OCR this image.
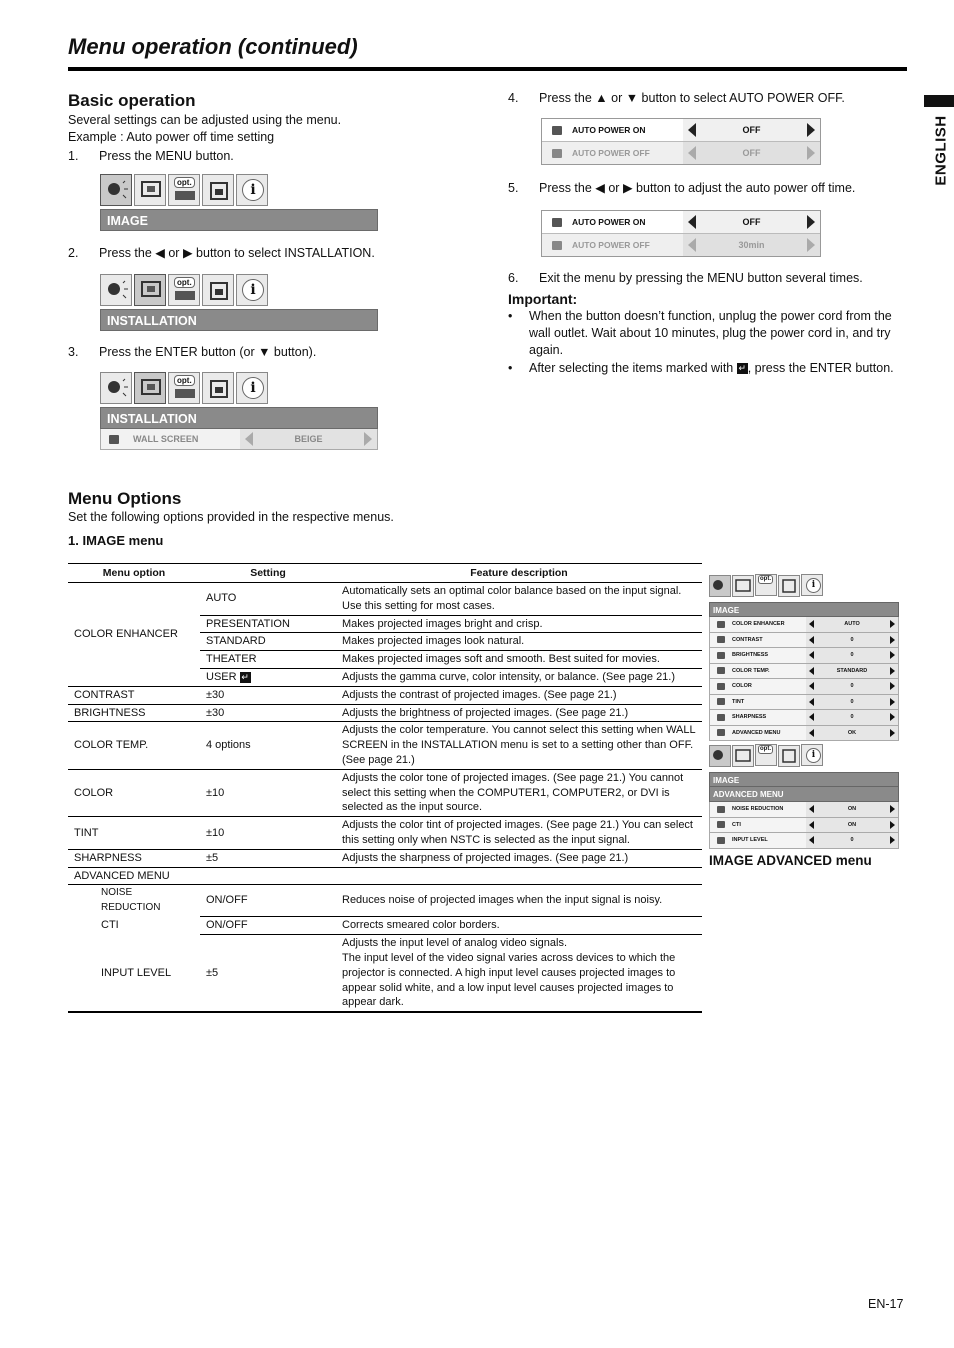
Menu operation (continued)
ENGLISH
Basic operation
Several settings can be adjusted using the menu.
Example : Auto power off time setting
1. Press the MENU button.
opt.	i
IMAGE
2. Press the ◀ or ▶ button to select INSTALLATION.
opt.	i
INSTALLATION
3. Press the ENTER button (or ▼ button).
opt.	i
INSTALLATION
WALL SCREEN	BEIGE
4. Press the ▲ or ▼ button to select AUTO POWER OFF.
AUTO POWER ON	OFF
AUTO POWER OFF	OFF
5. Press the ◀ or ▶ button to adjust the auto power off time.
AUTO POWER ON	OFF
AUTO POWER OFF	30min
6. Exit the menu by pressing the MENU button several times.
Important:
•	When the button doesn’t function, unplug the power cord from the wall outlet. Wait about 10 minutes, plug the power cord in, and try again.
•	After selecting the items marked with ↵ , press the ENTER button.
Menu Options
Set the following options provided in the respective menus.
1. IMAGE menu
Menu option	Setting	Feature description
COLOR ENHANCER	AUTO	Automatically sets an optimal color balance based on the input signal. Use this setting for most cases.
	PRESENTATION	Makes projected images bright and crisp.
	STANDARD	Makes projected images look natural.
	THEATER	Makes projected images soft and smooth. Best suited for movies.
	USER ↵	Adjusts the gamma curve, color intensity, or balance. (See page 21.)
CONTRAST	±30	Adjusts the contrast of projected images. (See page 21.)
BRIGHTNESS	±30	Adjusts the brightness of projected images. (See page 21.)
COLOR TEMP.	4 options	Adjusts the color temperature. You cannot select this setting when WALL SCREEN in the INSTALLATION menu is set to a setting other than OFF. (See page 21.)
COLOR	±10	Adjusts the color tone of projected images. (See page 21.) You cannot select this setting when the COMPUTER1, COMPUTER2, or DVI is selected as the input source.
TINT	±10	Adjusts the color tint of projected images. (See page 21.) You can select this setting only when NSTC is selected as the input signal.
SHARPNESS	±5	Adjusts the sharpness of projected images. (See page 21.)
ADVANCED MENU		
NOISE REDUCTION	ON/OFF	Reduces noise of projected images when the input signal is noisy.
CTI	ON/OFF	Corrects smeared color borders.
INPUT LEVEL	±5	Adjusts the input level of analog video signals.
The input level of the video signal varies across devices to which the projector is connected. A high input level causes projected images to appear solid white, and a low input level causes projected images to appear dark.
opt.
i
IMAGE
COLOR ENHANCER	AUTO
CONTRAST	0
BRIGHTNESS	0
COLOR TEMP.	STANDARD
COLOR	0
TINT	0
SHARPNESS	0
ADVANCED MENU	OK
opt.
i
IMAGE
ADVANCED MENU
NOISE REDUCTION	ON
CTI	ON
INPUT LEVEL	0
IMAGE ADVANCED menu
EN-17
